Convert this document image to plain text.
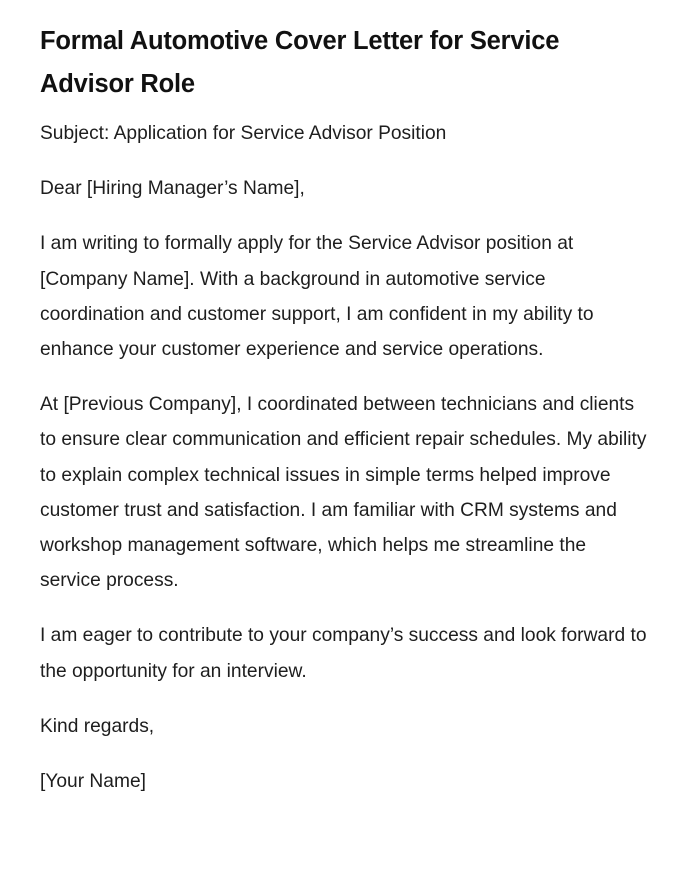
Formal Automotive Cover Letter for Service Advisor Role

Subject: Application for Service Advisor Position

Dear [Hiring Manager’s Name],

I am writing to formally apply for the Service Advisor position at [Company Name]. With a background in automotive service coordination and customer support, I am confident in my ability to enhance your customer experience and service operations.

At [Previous Company], I coordinated between technicians and clients to ensure clear communication and efficient repair schedules. My ability to explain complex technical issues in simple terms helped improve customer trust and satisfaction. I am familiar with CRM systems and workshop management software, which helps me streamline the service process.

I am eager to contribute to your company’s success and look forward to the opportunity for an interview.

Kind regards,

[Your Name]
